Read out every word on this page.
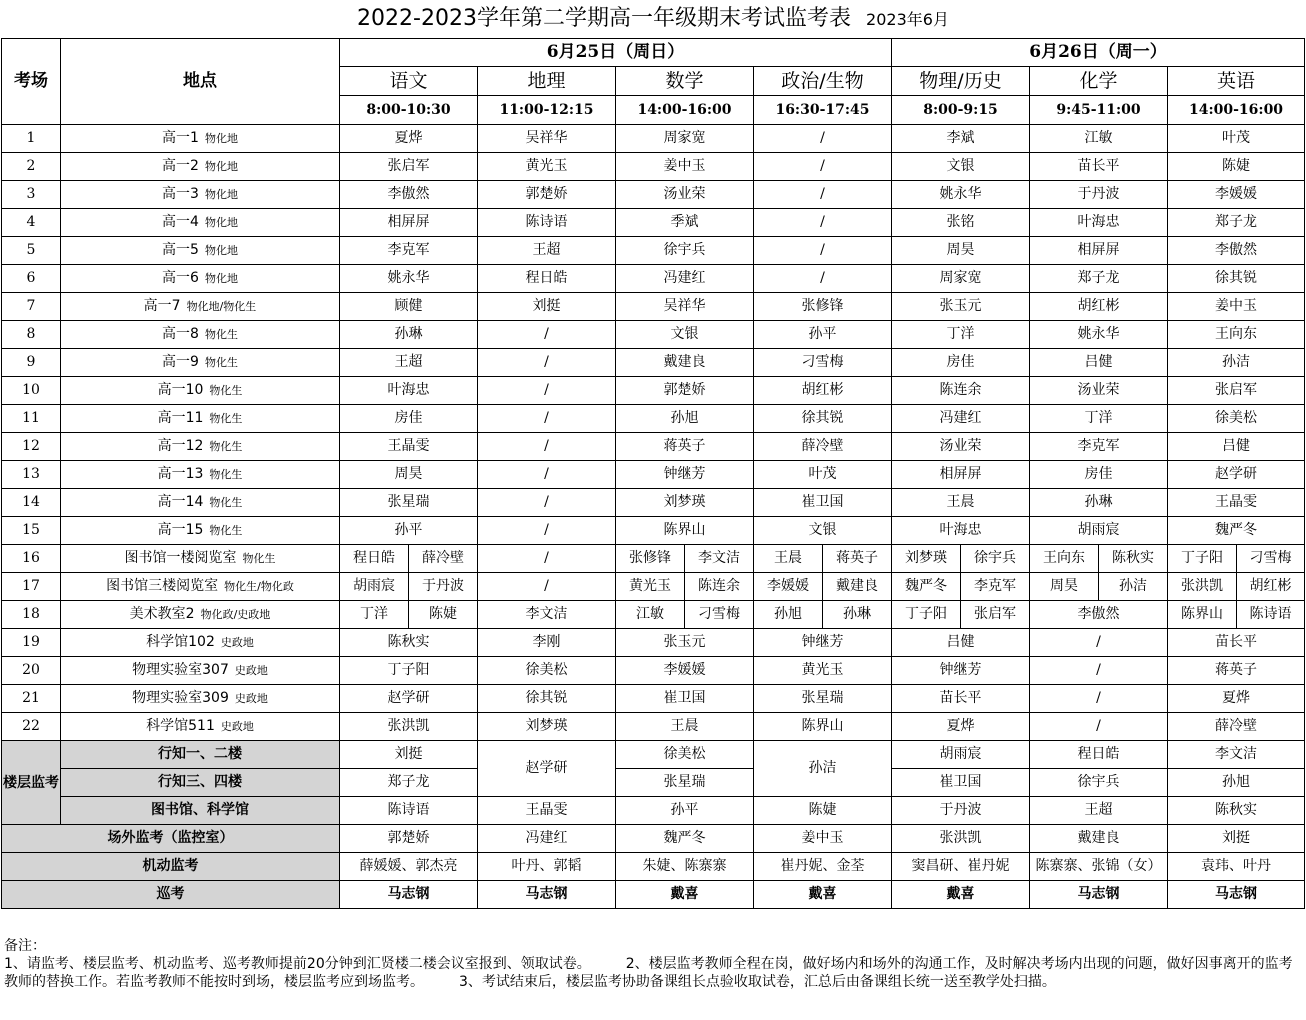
2022-2023学年第二学期高一年级期末考试监考表 2023年6月
考场	地点	6月25日（周日）							6月26日（周一）					
		语文		地理	数学		政治/生物		物理/历史		化学		英语	
		8:00-10:30		11:00-12:15	14:00-16:00		16:30-17:45		8:00-9:15		9:45-11:00		14:00-16:00	
1	高一1 物化地	夏烨		吴祥华	周家宽		/		李斌		江敏		叶茂	
2	高一2 物化地	张启军		黄光玉	姜中玉		/		文银		苗长平		陈婕	
3	高一3 物化地	李傲然		郭楚娇	汤业荣		/		姚永华		于丹波		李媛媛	
4	高一4 物化地	相屏屏		陈诗语	季斌		/		张铭		叶海忠		郑子龙	
5	高一5 物化地	李克军		王超	徐宇兵		/		周昊		相屏屏		李傲然	
6	高一6 物化地	姚永华		程日皓	冯建红		/		周家宽		郑子龙		徐其锐	
7	高一7 物化地/物化生	顾健		刘挺	吴祥华		张修锋		张玉元		胡红彬		姜中玉	
8	高一8 物化生	孙琳		/	文银		孙平		丁洋		姚永华		王向东	
9	高一9 物化生	王超		/	戴建良		刁雪梅		房佳		吕健		孙洁	
10	高一10 物化生	叶海忠		/	郭楚娇		胡红彬		陈连余		汤业荣		张启军	
11	高一11 物化生	房佳		/	孙旭		徐其锐		冯建红		丁洋		徐美松	
12	高一12 物化生	王晶雯		/	蒋英子		薛冷壁		汤业荣		李克军		吕健	
13	高一13 物化生	周昊		/	钟继芳		叶茂		相屏屏		房佳		赵学研	
14	高一14 物化生	张星瑞		/	刘梦瑛		崔卫国		王晨		孙琳		王晶雯	
15	高一15 物化生	孙平		/	陈界山		文银		叶海忠		胡雨宸		魏严冬	
16	图书馆一楼阅览室 物化生	程日皓	薛冷壁	/	张修锋	李文洁	王晨	蒋英子	刘梦瑛	徐宇兵	王向东	陈秋实	丁子阳	刁雪梅
17	图书馆三楼阅览室 物化生/物化政	胡雨宸	于丹波	/	黄光玉	陈连余	李媛媛	戴建良	魏严冬	李克军	周昊	孙洁	张洪凯	胡红彬
18	美术教室2 物化政/史政地	丁洋	陈婕	李文洁	江敏	刁雪梅	孙旭	孙琳	丁子阳	张启军	李傲然		陈界山	陈诗语
19	科学馆102 史政地	陈秋实		李刚	张玉元		钟继芳		吕健		/		苗长平	
20	物理实验室307 史政地	丁子阳		徐美松	李媛媛		黄光玉		钟继芳		/		蒋英子	
21	物理实验室309 史政地	赵学研		徐其锐	崔卫国		张星瑞		苗长平		/		夏烨	
22	科学馆511 史政地	张洪凯		刘梦瑛	王晨		陈界山		夏烨		/		薛冷壁	
楼层监考	行知一、二楼	刘挺		赵学研	徐美松		孙洁		胡雨宸		程日皓		李文洁	
	行知三、四楼	郑子龙			张星瑞				崔卫国		徐宇兵		孙旭	
	图书馆、科学馆	陈诗语		王晶雯	孙平		陈婕		于丹波		王超		陈秋实	
场外监考（监控室）		郭楚娇		冯建红	魏严冬		姜中玉		张洪凯		戴建良		刘挺	
机动监考		薛媛媛、郭杰亮		叶丹、郭韬	朱婕、陈寨寨		崔丹妮、金荃		窦昌研、崔丹妮		陈寨寨、张锦（女）		袁玮、叶丹	
巡考		马志钢		马志钢	戴喜		戴喜		戴喜		马志钢		马志钢	
备注：
1、请监考、楼层监考、机动监考、巡考教师提前20分钟到汇贤楼二楼会议室报到、领取试卷。　　　2、楼层监考教师全程在岗，做好场内和场外的沟通工作，及时解决考场内出现的问题，做好因事离开的监考教师的替换工作。若监考教师不能按时到场，楼层监考应到场监考。　　　3、考试结束后，楼层监考协助备课组长点验收取试卷，汇总后由备课组长统一送至教学处扫描。
